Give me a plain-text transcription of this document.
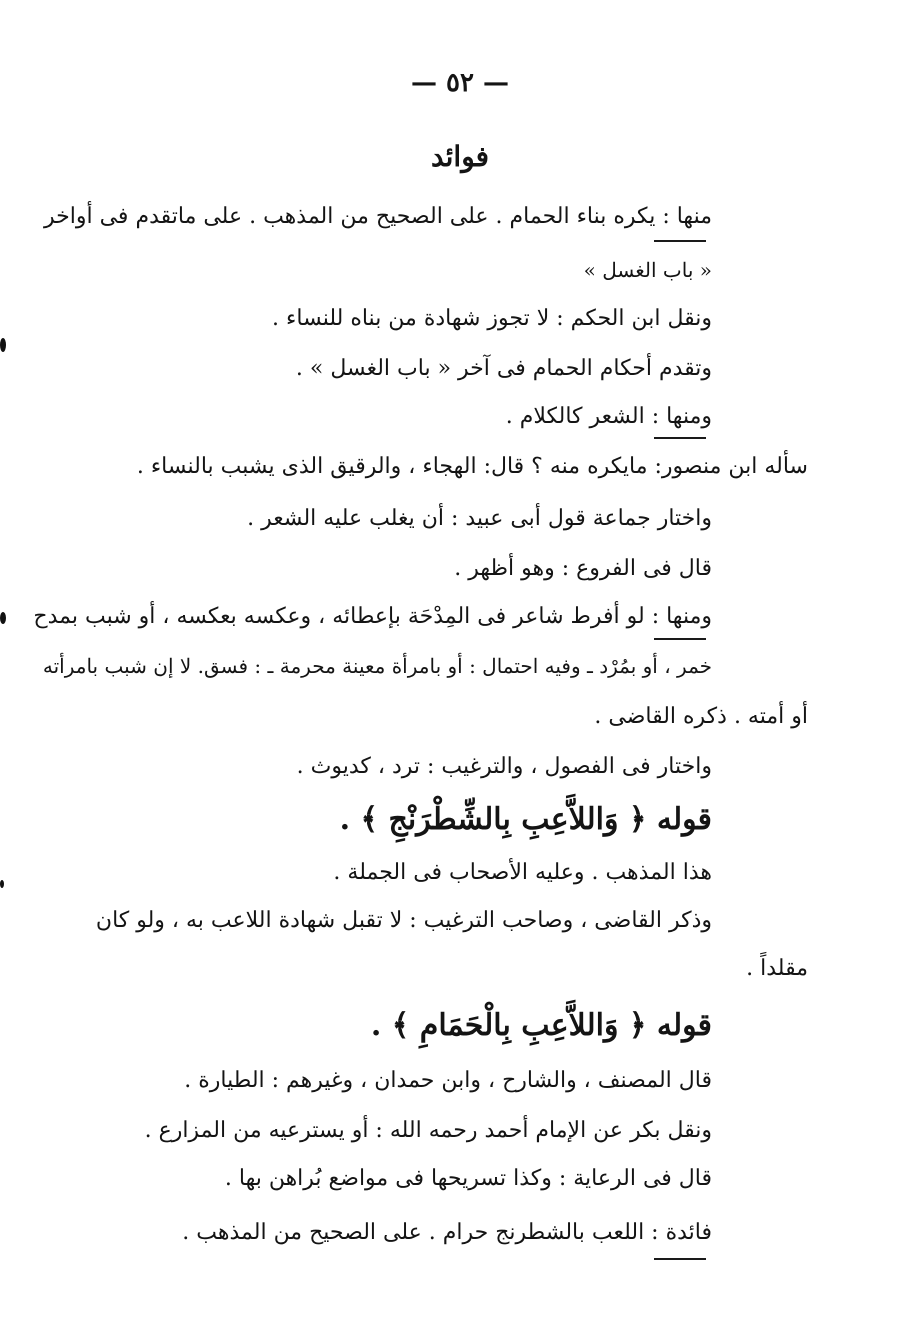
— ٥٢ —
فوائد
منها : يكره بناء الحمام . على الصحيح من المذهب . على ماتقدم فى أواخر
« باب الغسل »
ونقل ابن الحكم : لا تجوز شهادة من بناه للنساء .
وتقدم أحكام الحمام فى آخر « باب الغسل » .
ومنها : الشعر كالكلام .
سأله ابن منصور: مايكره منه ؟ قال: الهجاء ، والرقيق الذى يشبب بالنساء .
واختار جماعة قول أبى عبيد : أن يغلب عليه الشعر .
قال فى الفروع : وهو أظهر .
ومنها : لو أفرط شاعر فى المِدْحَة بإعطائه ، وعكسه بعكسه ، أو شبب بمدح
خمر ، أو بمُرْد ـ وفيه احتمال : أو بامرأة معينة محرمة ـ : فسق. لا إن شبب بامرأته
أو أمته . ذكره القاضى .
واختار فى الفصول ، والترغيب : ترد ، كديوث .
قوله ﴿ وَاللاَّعِبِ بِالشِّطْرَنْجِ ﴾ .
هذا المذهب . وعليه الأصحاب فى الجملة .
وذكر القاضى ، وصاحب الترغيب : لا تقبل شهادة اللاعب به ، ولو كان
مقلداً .
قوله ﴿ وَاللاَّعِبِ بِالْحَمَامِ ﴾ .
قال المصنف ، والشارح ، وابن حمدان ، وغيرهم : الطيارة .
ونقل بكر عن الإمام أحمد رحمه الله : أو يسترعيه من المزارع .
قال فى الرعاية : وكذا تسريحها فى مواضع بُراهن بها .
فائدة : اللعب بالشطرنج حرام . على الصحيح من المذهب .
